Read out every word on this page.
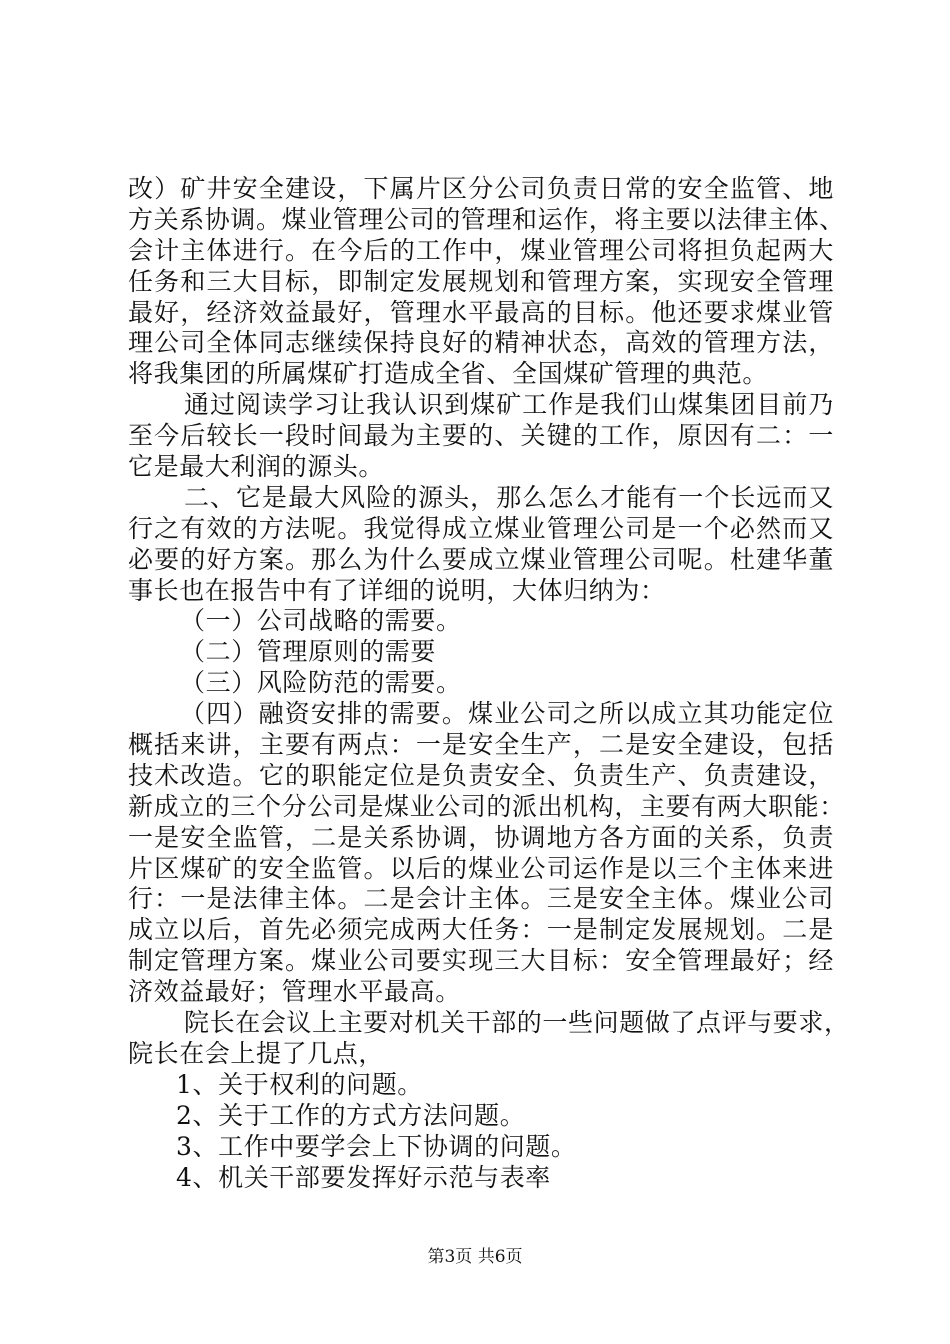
改）矿井安全建设，下属片区分公司负责日常的安全监管、地
方关系协调。煤业管理公司的管理和运作，将主要以法律主体、
会计主体进行。在今后的工作中，煤业管理公司将担负起两大
任务和三大目标，即制定发展规划和管理方案，实现安全管理
最好，经济效益最好，管理水平最高的目标。他还要求煤业管
理公司全体同志继续保持良好的精神状态，高效的管理方法，
将我集团的所属煤矿打造成全省、全国煤矿管理的典范。
通过阅读学习让我认识到煤矿工作是我们山煤集团目前乃
至今后较长一段时间最为主要的、关键的工作，原因有二：一
它是最大利润的源头。
二、它是最大风险的源头，那么怎么才能有一个长远而又
行之有效的方法呢。我觉得成立煤业管理公司是一个必然而又
必要的好方案。那么为什么要成立煤业管理公司呢。杜建华董
事长也在报告中有了详细的说明，大体归纳为：
（一）公司战略的需要。
（二）管理原则的需要
（三）风险防范的需要。
（四）融资安排的需要。煤业公司之所以成立其功能定位
概括来讲，主要有两点：一是安全生产，二是安全建设，包括
技术改造。它的职能定位是负责安全、负责生产、负责建设，
新成立的三个分公司是煤业公司的派出机构，主要有两大职能：
一是安全监管，二是关系协调，协调地方各方面的关系，负责
片区煤矿的安全监管。以后的煤业公司运作是以三个主体来进
行：一是法律主体。二是会计主体。三是安全主体。煤业公司
成立以后，首先必须完成两大任务：一是制定发展规划。二是
制定管理方案。煤业公司要实现三大目标：安全管理最好；经
济效益最好；管理水平最高。
院长在会议上主要对机关干部的一些问题做了点评与要求，
院长在会上提了几点，
1、关于权利的问题。
2、关于工作的方式方法问题。
3、工作中要学会上下协调的问题。
4、机关干部要发挥好示范与表率
第3页 共6页
